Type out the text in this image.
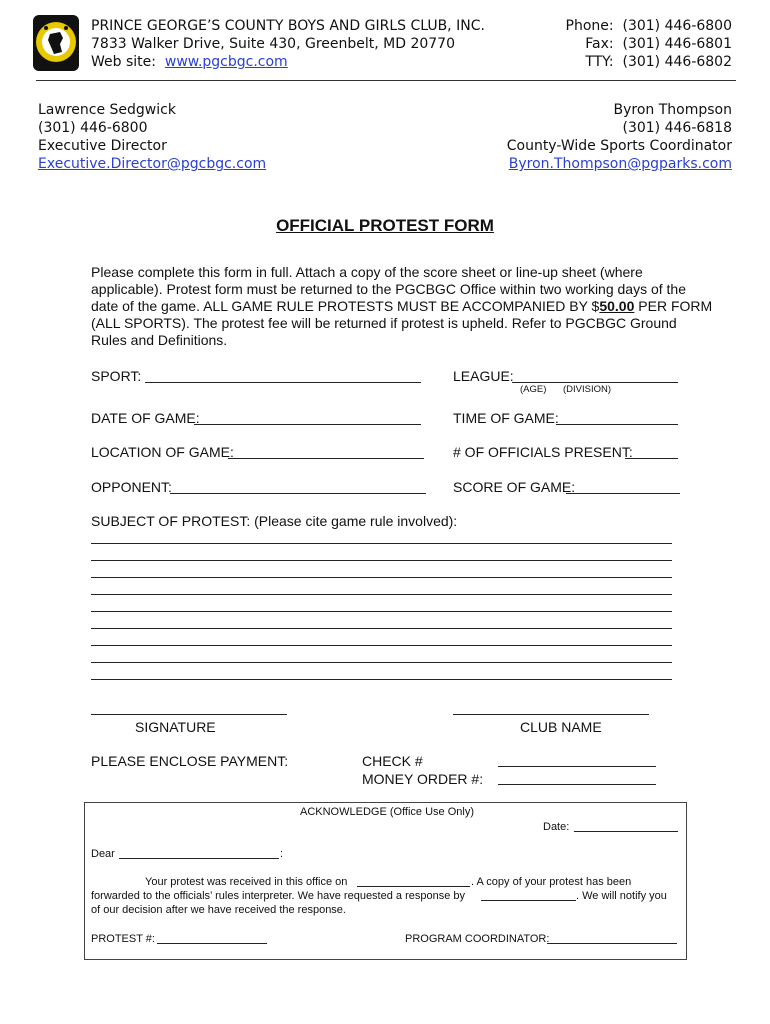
PRINCE GEORGE’S COUNTY BOYS AND GIRLS CLUB, INC.
7833 Walker Drive, Suite 430, Greenbelt, MD 20770
Web site: www.pgcbgc.com
Phone: (301) 446-6800
Fax: (301) 446-6801
TTY: (301) 446-6802
Lawrence Sedgwick
(301) 446-6800
Executive Director
Executive.Director@pgcbgc.com
Byron Thompson
(301) 446-6818
County-Wide Sports Coordinator
Byron.Thompson@pgparks.com
OFFICIAL PROTEST FORM
Please complete this form in full. Attach a copy of the score sheet or line-up sheet (where
applicable). Protest form must be returned to the PGCBGC Office within two working days of the
date of the game. ALL GAME RULE PROTESTS MUST BE ACCOMPANIED BY $50.00 PER FORM
(ALL SPORTS). The protest fee will be returned if protest is upheld. Refer to PGCBGC Ground
Rules and Definitions.
SPORT:	LEAGUE:
(AGE) (DIVISION)
DATE OF GAME:	TIME OF GAME:
LOCATION OF GAME:	# OF OFFICIALS PRESENT:
OPPONENT:	SCORE OF GAME:
SUBJECT OF PROTEST: (Please cite game rule involved):
SIGNATURE	CLUB NAME
PLEASE ENCLOSE PAYMENT:	CHECK #
MONEY ORDER #:
ACKNOWLEDGE (Office Use Only)
Date:
Dear	:
Your protest was received in this office on	. A copy of your protest has been
forwarded to the officials’ rules interpreter. We have requested a response by	. We will notify you
of our decision after we have received the response.
PROTEST #:	PROGRAM COORDINATOR:
